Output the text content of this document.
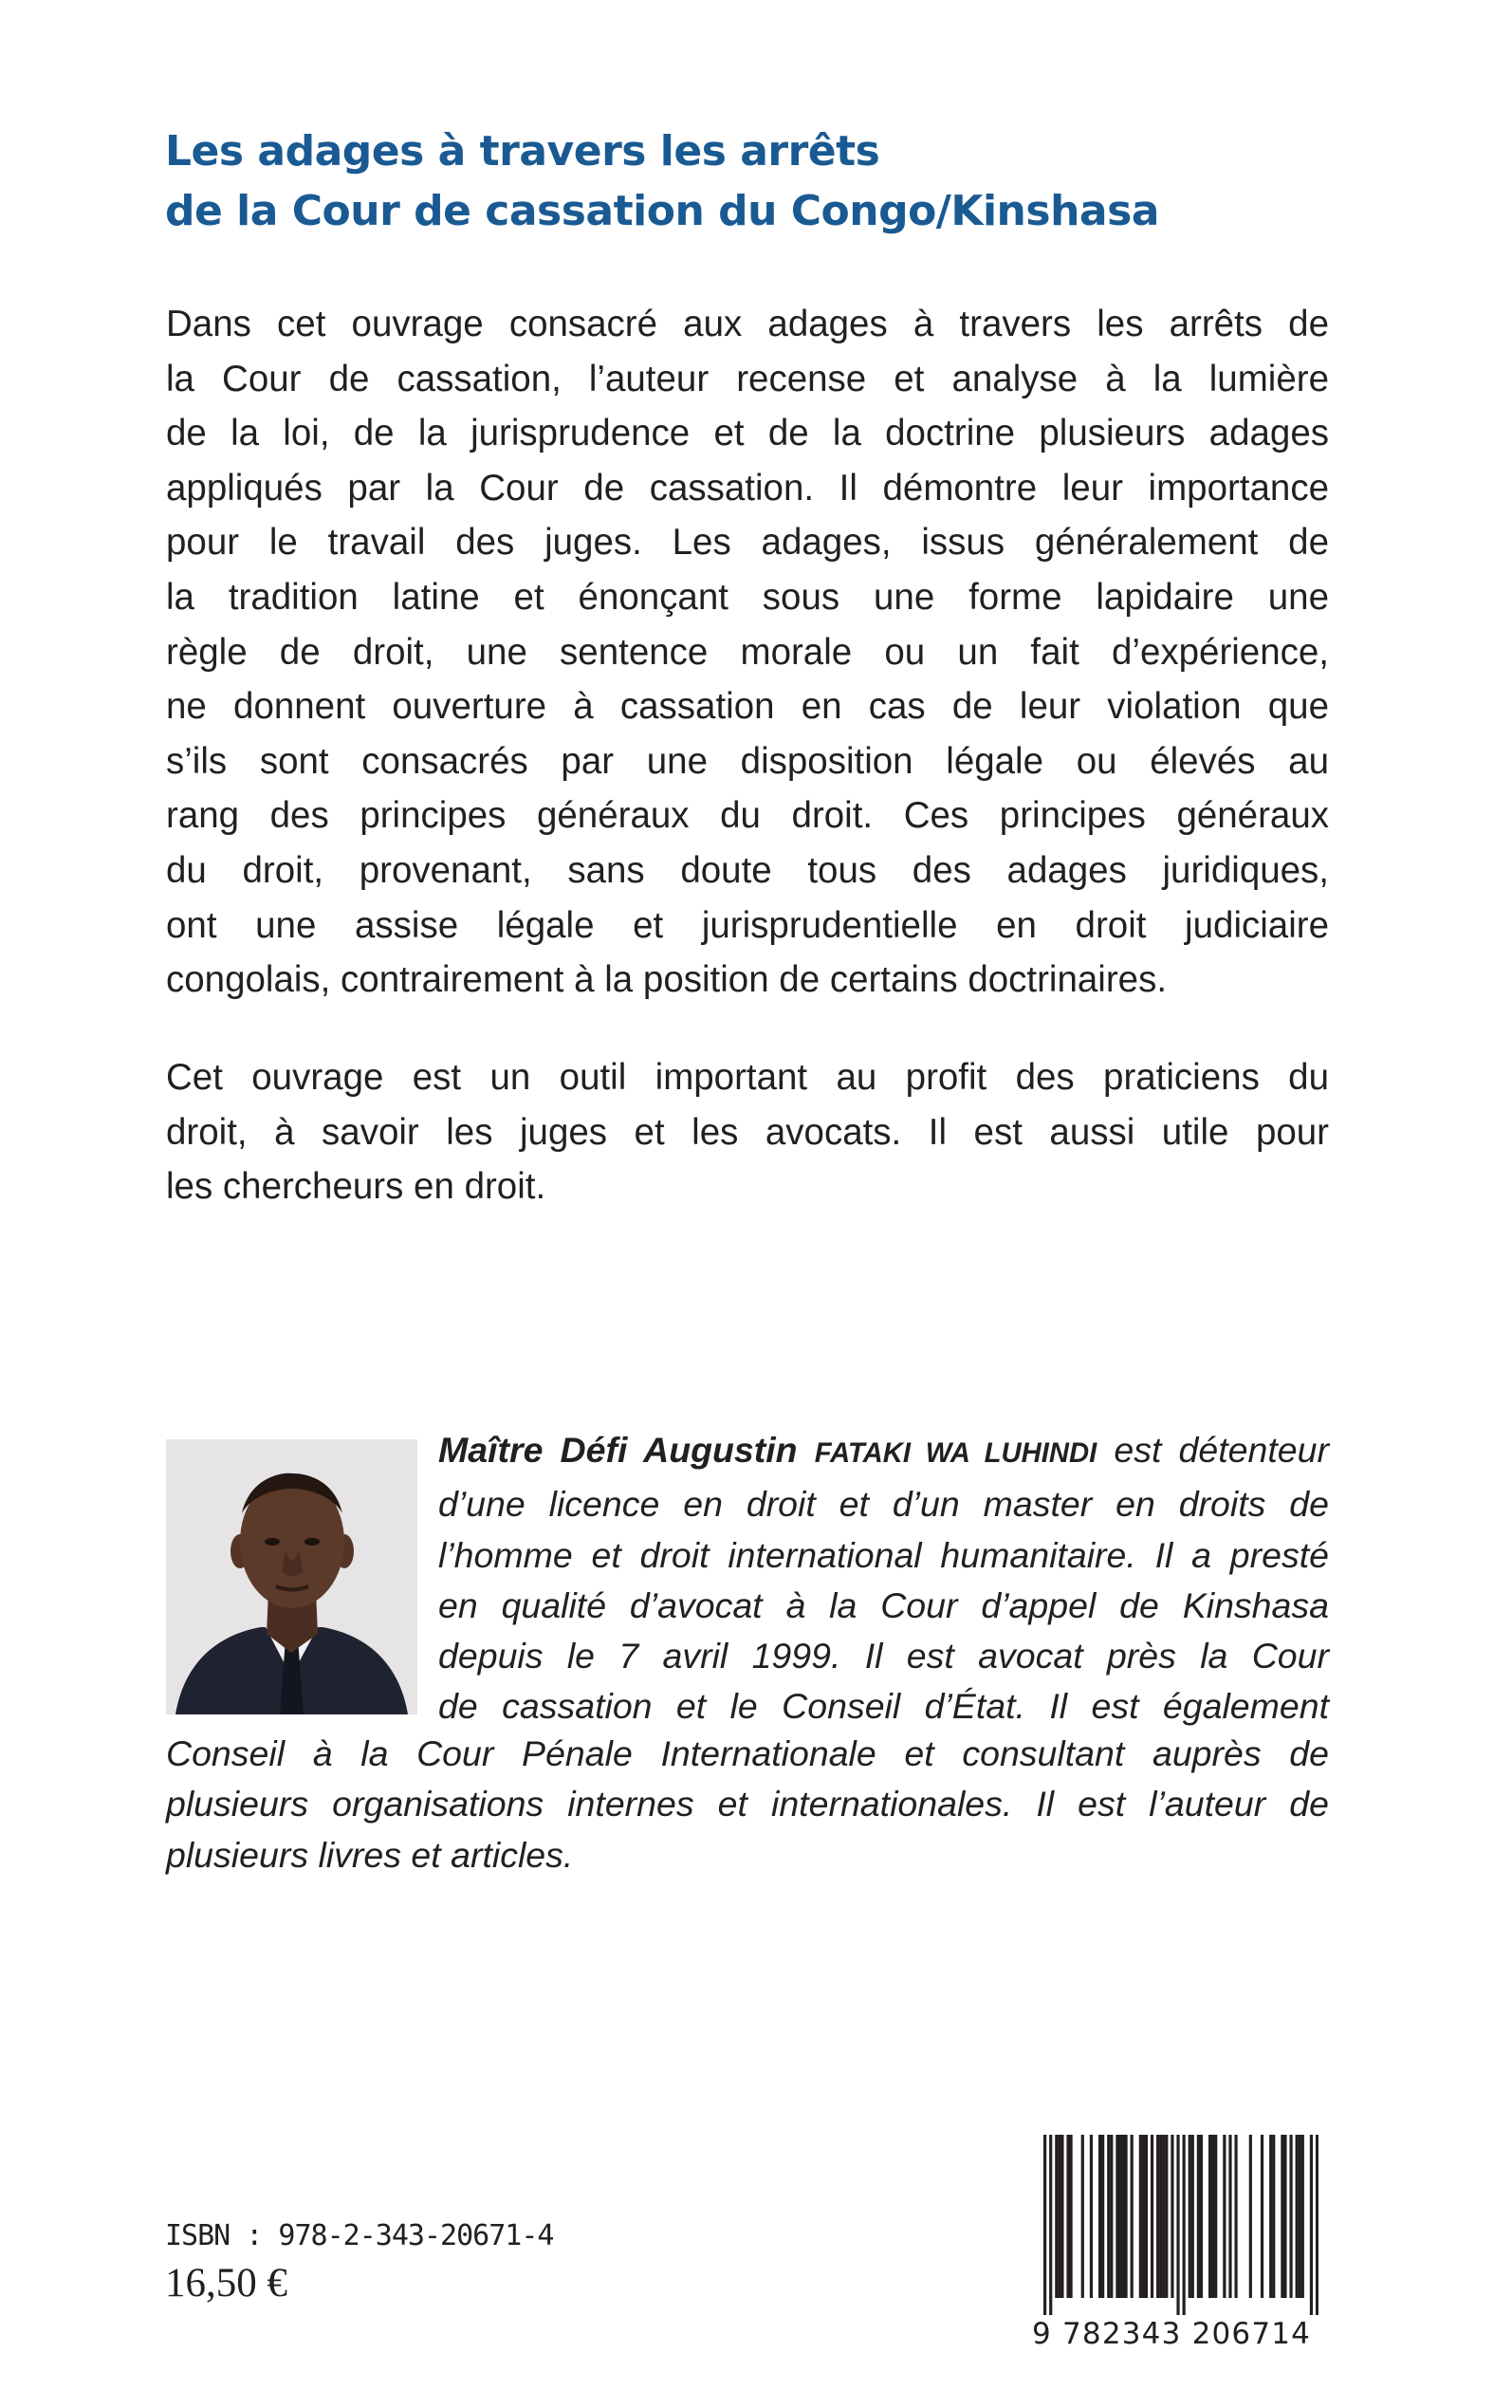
Les adages à travers les arrêts
de la Cour de cassation du Congo/Kinshasa
Dans cet ouvrage consacré aux adages à travers les arrêts de
la Cour de cassation, l’auteur recense et analyse à la lumière
de la loi, de la jurisprudence et de la doctrine plusieurs adages
appliqués par la Cour de cassation. Il démontre leur importance
pour le travail des juges. Les adages, issus généralement de
la tradition latine et énonçant sous une forme lapidaire une
règle de droit, une sentence morale ou un fait d’expérience,
ne donnent ouverture à cassation en cas de leur violation que
s’ils sont consacrés par une disposition légale ou élevés au
rang des principes généraux du droit. Ces principes généraux
du droit, provenant, sans doute tous des adages juridiques,
ont une assise légale et jurisprudentielle en droit judiciaire
congolais, contrairement à la position de certains doctrinaires.
Cet ouvrage est un outil important au profit des praticiens du
droit, à savoir les juges et les avocats. Il est aussi utile pour
les chercheurs en droit.
Maître Défi Augustin FATAKI WA LUHINDI est détenteur
d’une licence en droit et d’un master en droits de
l’homme et droit international humanitaire. Il a presté
en qualité d’avocat à la Cour d’appel de Kinshasa
depuis le 7 avril 1999. Il est avocat près la Cour
de cassation et le Conseil d’État. Il est également
Conseil à la Cour Pénale Internationale et consultant auprès de
plusieurs organisations internes et internationales. Il est l’auteur de
plusieurs livres et articles.

ISBN : 978-2-343-20671-4

16,50 €

9 782343 206714
